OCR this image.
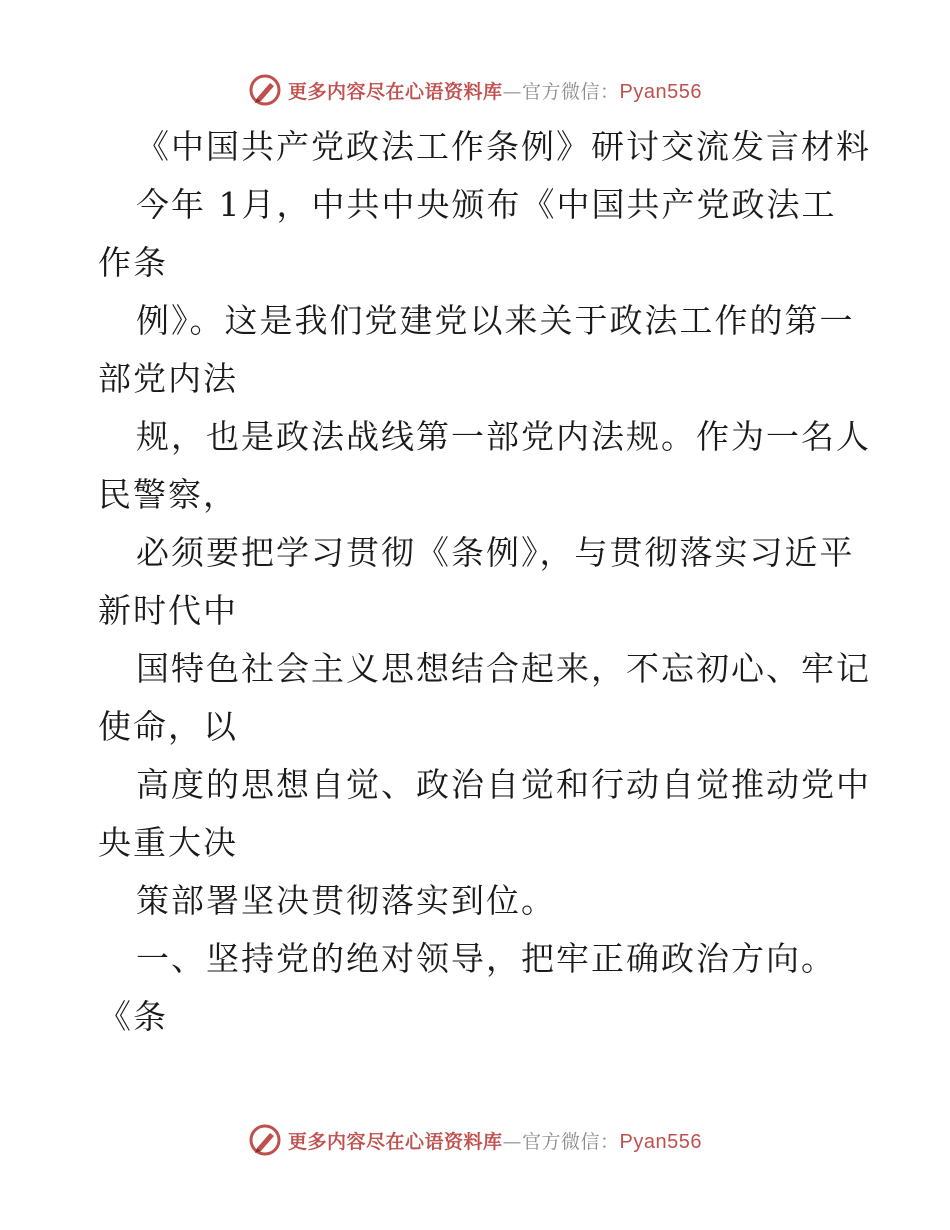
更多内容尽在心语资料库—官方微信：Pyan556
《中国共产党政法工作条例》研讨交流发言材料
今年 1月，中共中央颁布《中国共产党政法工
作条
例》。这是我们党建党以来关于政法工作的第一
部党内法
规，也是政法战线第一部党内法规。作为一名人
民警察，
必须要把学习贯彻《条例》，与贯彻落实习近平
新时代中
国特色社会主义思想结合起来，不忘初心、牢记
使命，以
高度的思想自觉、政治自觉和行动自觉推动党中
央重大决
策部署坚决贯彻落实到位。
一、坚持党的绝对领导，把牢正确政治方向。
《条
更多内容尽在心语资料库—官方微信：Pyan556
